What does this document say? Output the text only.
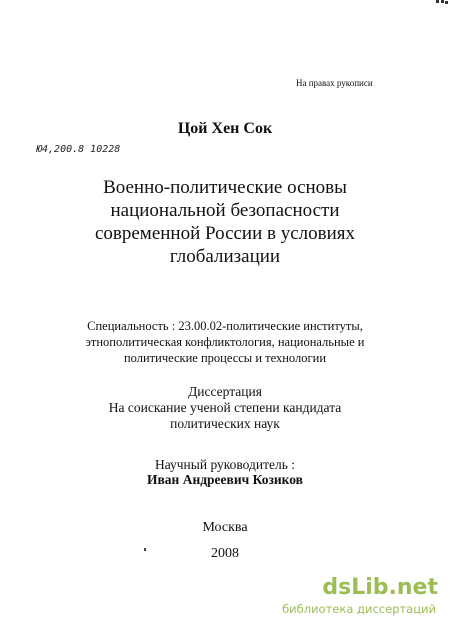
На правах рукописи
Цой Хен Сок
Ю4,200.8 10228
Военно-политические основы
национальной безопасности
современной России в условиях
глобализации
Специальность : 23.00.02-политические институты,
этнополитическая конфликтология, национальные и
политические процессы и технологии
Диссертация
На соискание ученой степени кандидата
политических наук
Научный руководитель :
Иван Андреевич Козиков
Москва
2008
dsLib.net
библиотека диссертаций
